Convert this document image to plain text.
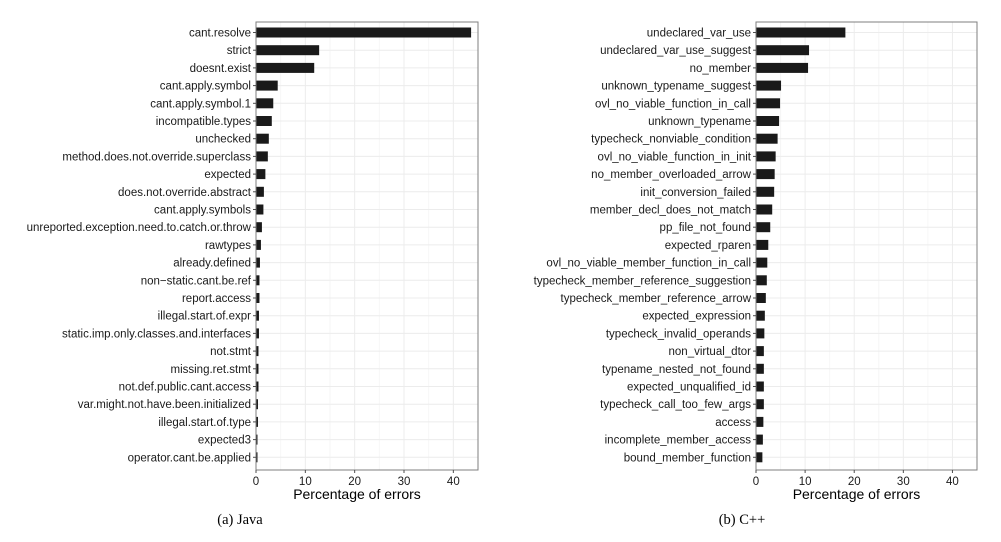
cant.resolve
strict
doesnt.exist
cant.apply.symbol
cant.apply.symbol.1
incompatible.types
unchecked
method.does.not.override.superclass
expected
does.not.override.abstract
cant.apply.symbols
unreported.exception.need.to.catch.or.throw
rawtypes
already.defined
non−static.cant.be.ref
report.access
illegal.start.of.expr
static.imp.only.classes.and.interfaces
not.stmt
missing.ret.stmt
not.def.public.cant.access
var.might.not.have.been.initialized
illegal.start.of.type
expected3
operator.cant.be.applied
0	10	20	30	40
Percentage of errors
(a) Java
undeclared_var_use
undeclared_var_use_suggest
no_member
unknown_typename_suggest
ovl_no_viable_function_in_call
unknown_typename
typecheck_nonviable_condition
ovl_no_viable_function_in_init
no_member_overloaded_arrow
init_conversion_failed
member_decl_does_not_match
pp_file_not_found
expected_rparen
ovl_no_viable_member_function_in_call
typecheck_member_reference_suggestion
typecheck_member_reference_arrow
expected_expression
typecheck_invalid_operands
non_virtual_dtor
typename_nested_not_found
expected_unqualified_id
typecheck_call_too_few_args
access
incomplete_member_access
bound_member_function
0	10	20	30	40
Percentage of errors
(b) C++
